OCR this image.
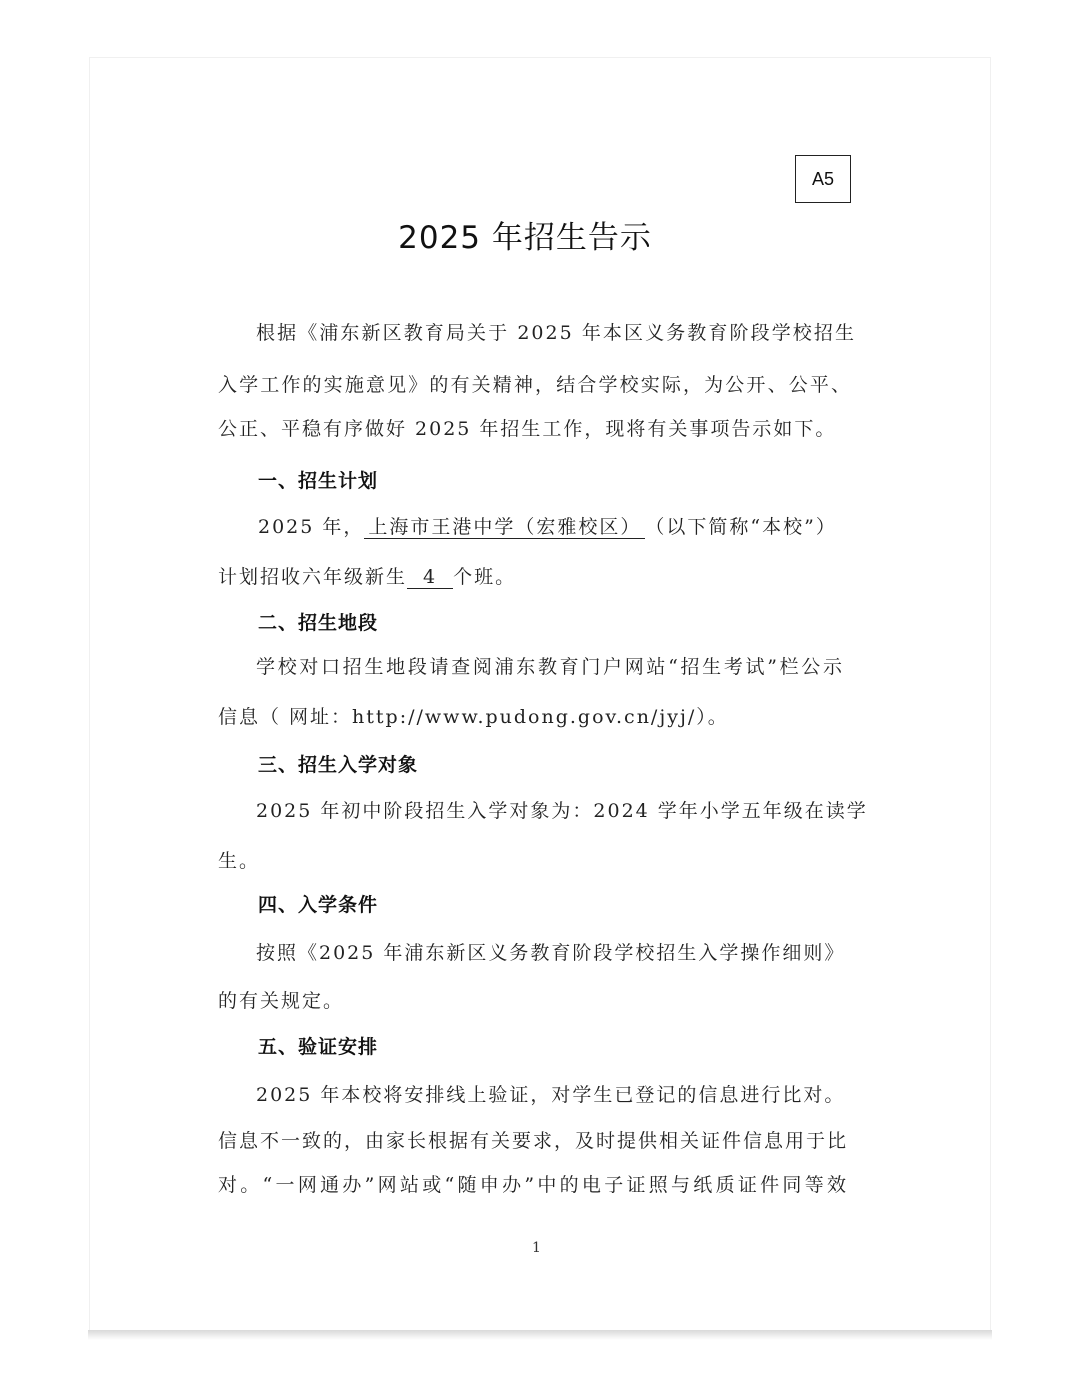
A5
2025 年招生告示
根据《浦东新区教育局关于 2025 年本区义务教育阶段学校招生
入学工作的实施意见》的有关精神，结合学校实际，为公开、公平、
公正、平稳有序做好 2025 年招生工作，现将有关事项告示如下。
一、招生计划
2025 年， 上海市王港中学（宏雅校区） （以下简称“本校”）
计划招收六年级新生 4 个班。
二、招生地段
学校对口招生地段请查阅浦东教育门户网站“招生考试”栏公示
信息（ 网址：http://www.pudong.gov.cn/jyj/）。
三、招生入学对象
2025 年初中阶段招生入学对象为：2024 学年小学五年级在读学
生。
四、入学条件
按照《2025 年浦东新区义务教育阶段学校招生入学操作细则》
的有关规定。
五、验证安排
2025 年本校将安排线上验证，对学生已登记的信息进行比对。
信息不一致的，由家长根据有关要求，及时提供相关证件信息用于比
对。“一网通办”网站或“随申办”中的电子证照与纸质证件同等效
1
